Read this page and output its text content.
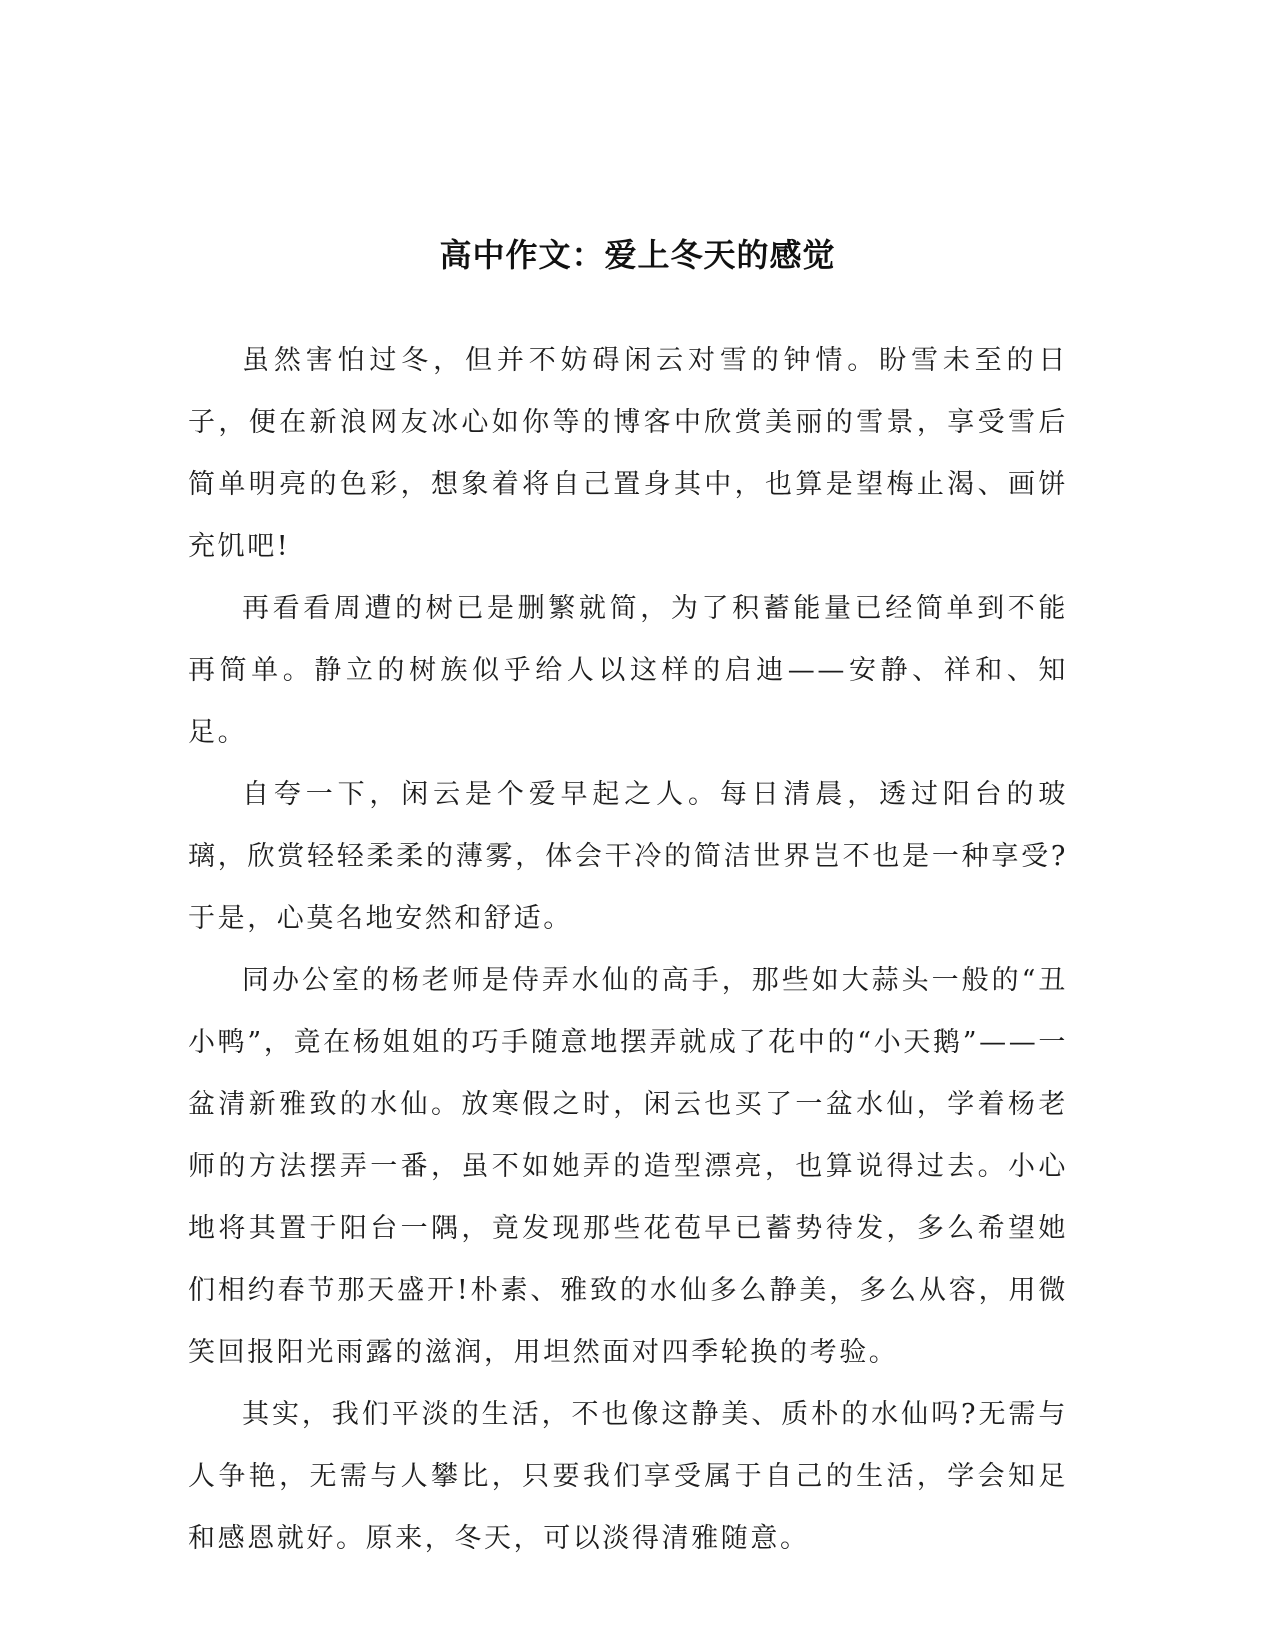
高中作文：爱上冬天的感觉

虽然害怕过冬，但并不妨碍闲云对雪的钟情。盼雪未至的日子，便在新浪网友冰心如你等的博客中欣赏美丽的雪景，享受雪后简单明亮的色彩，想象着将自己置身其中，也算是望梅止渴、画饼充饥吧!

再看看周遭的树已是删繁就简，为了积蓄能量已经简单到不能再简单。静立的树族似乎给人以这样的启迪——安静、祥和、知足。

自夸一下，闲云是个爱早起之人。每日清晨，透过阳台的玻璃，欣赏轻轻柔柔的薄雾，体会干冷的简洁世界岂不也是一种享受?于是，心莫名地安然和舒适。

同办公室的杨老师是侍弄水仙的高手，那些如大蒜头一般的“丑小鸭”，竟在杨姐姐的巧手随意地摆弄就成了花中的“小天鹅”——一盆清新雅致的水仙。放寒假之时，闲云也买了一盆水仙，学着杨老师的方法摆弄一番，虽不如她弄的造型漂亮，也算说得过去。小心地将其置于阳台一隅，竟发现那些花苞早已蓄势待发，多么希望她们相约春节那天盛开!朴素、雅致的水仙多么静美，多么从容，用微笑回报阳光雨露的滋润，用坦然面对四季轮换的考验。

其实，我们平淡的生活，不也像这静美、质朴的水仙吗?无需与人争艳，无需与人攀比，只要我们享受属于自己的生活，学会知足和感恩就好。原来，冬天，可以淡得清雅随意。
